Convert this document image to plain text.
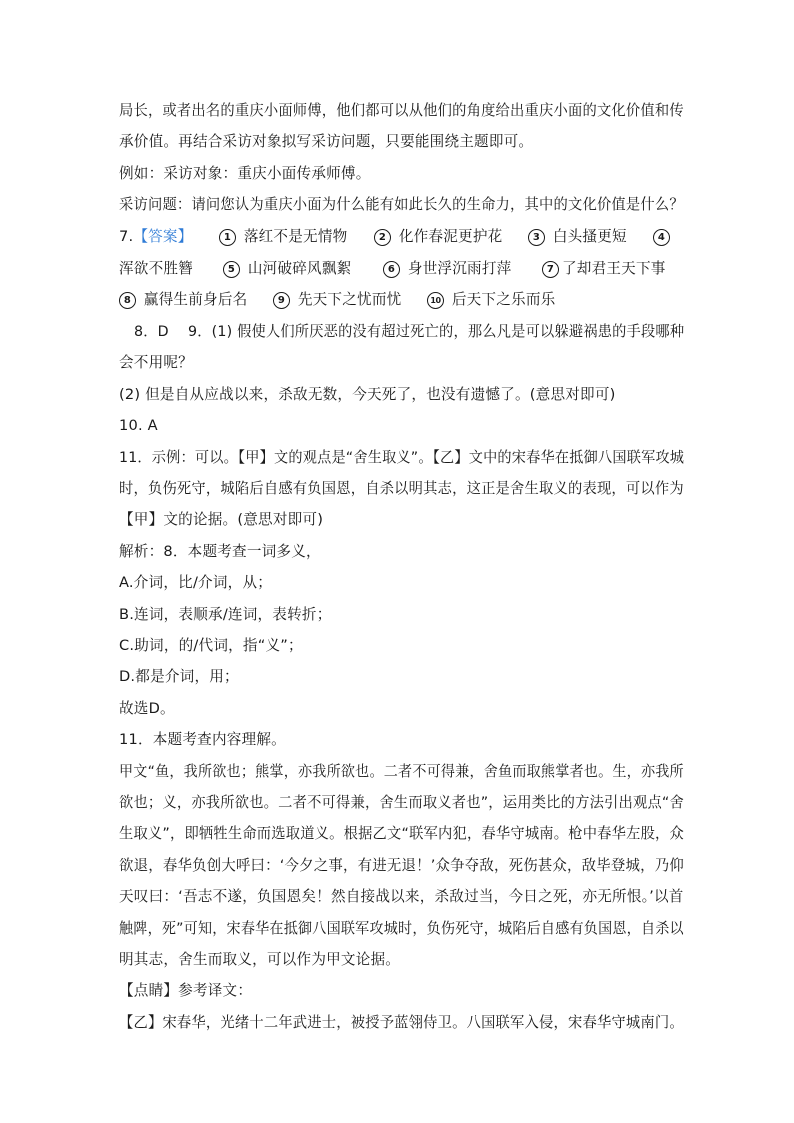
局长，或者出名的重庆小面师傅，他们都可以从他们的角度给出重庆小面的文化价值和传
承价值。再结合采访对象拟写采访问题，只要能围绕主题即可。
例如：采访对象：重庆小面传承师傅。
采访问题：请问您认为重庆小面为什么能有如此长久的生命力，其中的文化价值是什么？
7.【答案】	1 落红不是无情物	2 化作春泥更护花	3 白头搔更短	4
浑欲不胜簪	5 山河破碎风飘絮	6 身世浮沉雨打萍	7 了却君王天下事
8 赢得生前身后名	9 先天下之忧而忧	10 后天下之乐而乐
8．D　 9．(1) 假使人们所厌恶的没有超过死亡的，那么凡是可以躲避祸患的手段哪种
会不用呢？
(2) 但是自从应战以来，杀敌无数，今天死了，也没有遗憾了。(意思对即可)
10. A
11．示例：可以。【甲】文的观点是“舍生取义”。【乙】文中的宋春华在抵御八国联军攻城
时，负伤死守，城陷后自感有负国恩，自杀以明其志，这正是舍生取义的表现，可以作为
【甲】文的论据。(意思对即可)
解析：8．本题考查一词多义，
A.介词，比/介词，从；
B.连词，表顺承/连词，表转折；
C.助词，的/代词，指“义”；
D.都是介词，用；
故选D。
11．本题考查内容理解。
甲文“鱼，我所欲也；熊掌，亦我所欲也。二者不可得兼，舍鱼而取熊掌者也。生，亦我所
欲也；义，亦我所欲也。二者不可得兼，舍生而取义者也”，运用类比的方法引出观点“舍
生取义”，即牺牲生命而选取道义。根据乙文“联军内犯，春华守城南。枪中春华左股，众
欲退，春华负创大呼曰：‘今夕之事，有进无退！’众争夺敌，死伤甚众，敌毕登城，乃仰
天叹曰：‘吾志不遂，负国恩矣！然自接战以来，杀敌过当，今日之死，亦无所恨。’以首
触陴，死”可知，宋春华在抵御八国联军攻城时，负伤死守，城陷后自感有负国恩，自杀以
明其志，舍生而取义，可以作为甲文论据。
【点睛】参考译文：
【乙】宋春华，光绪十二年武进士，被授予蓝翎侍卫。八国联军入侵，宋春华守城南门。
